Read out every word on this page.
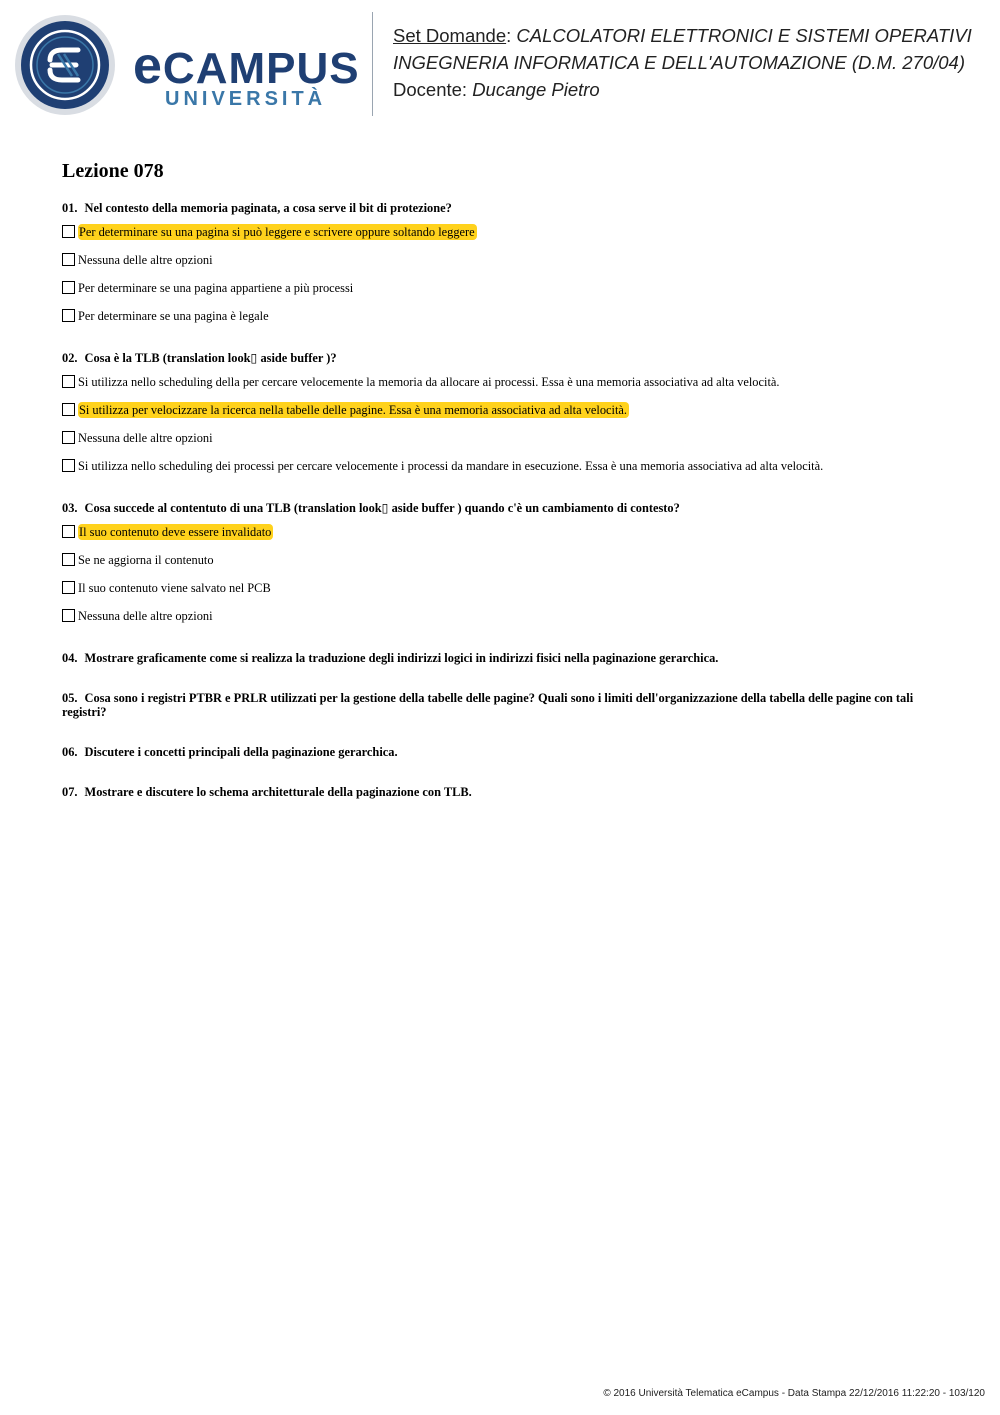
eCAMPUS
UNIVERSITÀ
Set Domande: CALCOLATORI ELETTRONICI E SISTEMI OPERATIVI
INGEGNERIA INFORMATICA E DELL'AUTOMAZIONE (D.M. 270/04)
Docente: Ducange Pietro
Lezione 078
01. Nel contesto della memoria paginata, a cosa serve il bit di protezione?
Per determinare su una pagina si può leggere e scrivere oppure soltando leggere
Nessuna delle altre opzioni
Per determinare se una pagina appartiene a più processi
Per determinare se una pagina è legale
02. Cosa è la TLB (translation look▯ aside buffer )?
Si utilizza nello scheduling della per cercare velocemente la memoria da allocare ai processi. Essa è una memoria associativa ad alta velocità.
Si utilizza per velocizzare la ricerca nella tabelle delle pagine. Essa è una memoria associativa ad alta velocità.
Nessuna delle altre opzioni
Si utilizza nello scheduling dei processi per cercare velocemente i processi da mandare in esecuzione. Essa è una memoria associativa ad alta velocità.
03. Cosa succede al contentuto di una TLB (translation look▯ aside buffer ) quando c'è un cambiamento di contesto?
Il suo contenuto deve essere invalidato
Se ne aggiorna il contenuto
Il suo contenuto viene salvato nel PCB
Nessuna delle altre opzioni
04. Mostrare graficamente come si realizza la traduzione degli indirizzi logici in indirizzi fisici nella paginazione gerarchica.
05. Cosa sono i registri PTBR e PRLR utilizzati per la gestione della tabelle delle pagine? Quali sono i limiti dell'organizzazione della tabella delle pagine con tali registri?
06. Discutere i concetti principali della paginazione gerarchica.
07. Mostrare e discutere lo schema architetturale della paginazione con TLB.
© 2016 Università Telematica eCampus - Data Stampa 22/12/2016 11:22:20 - 103/120
